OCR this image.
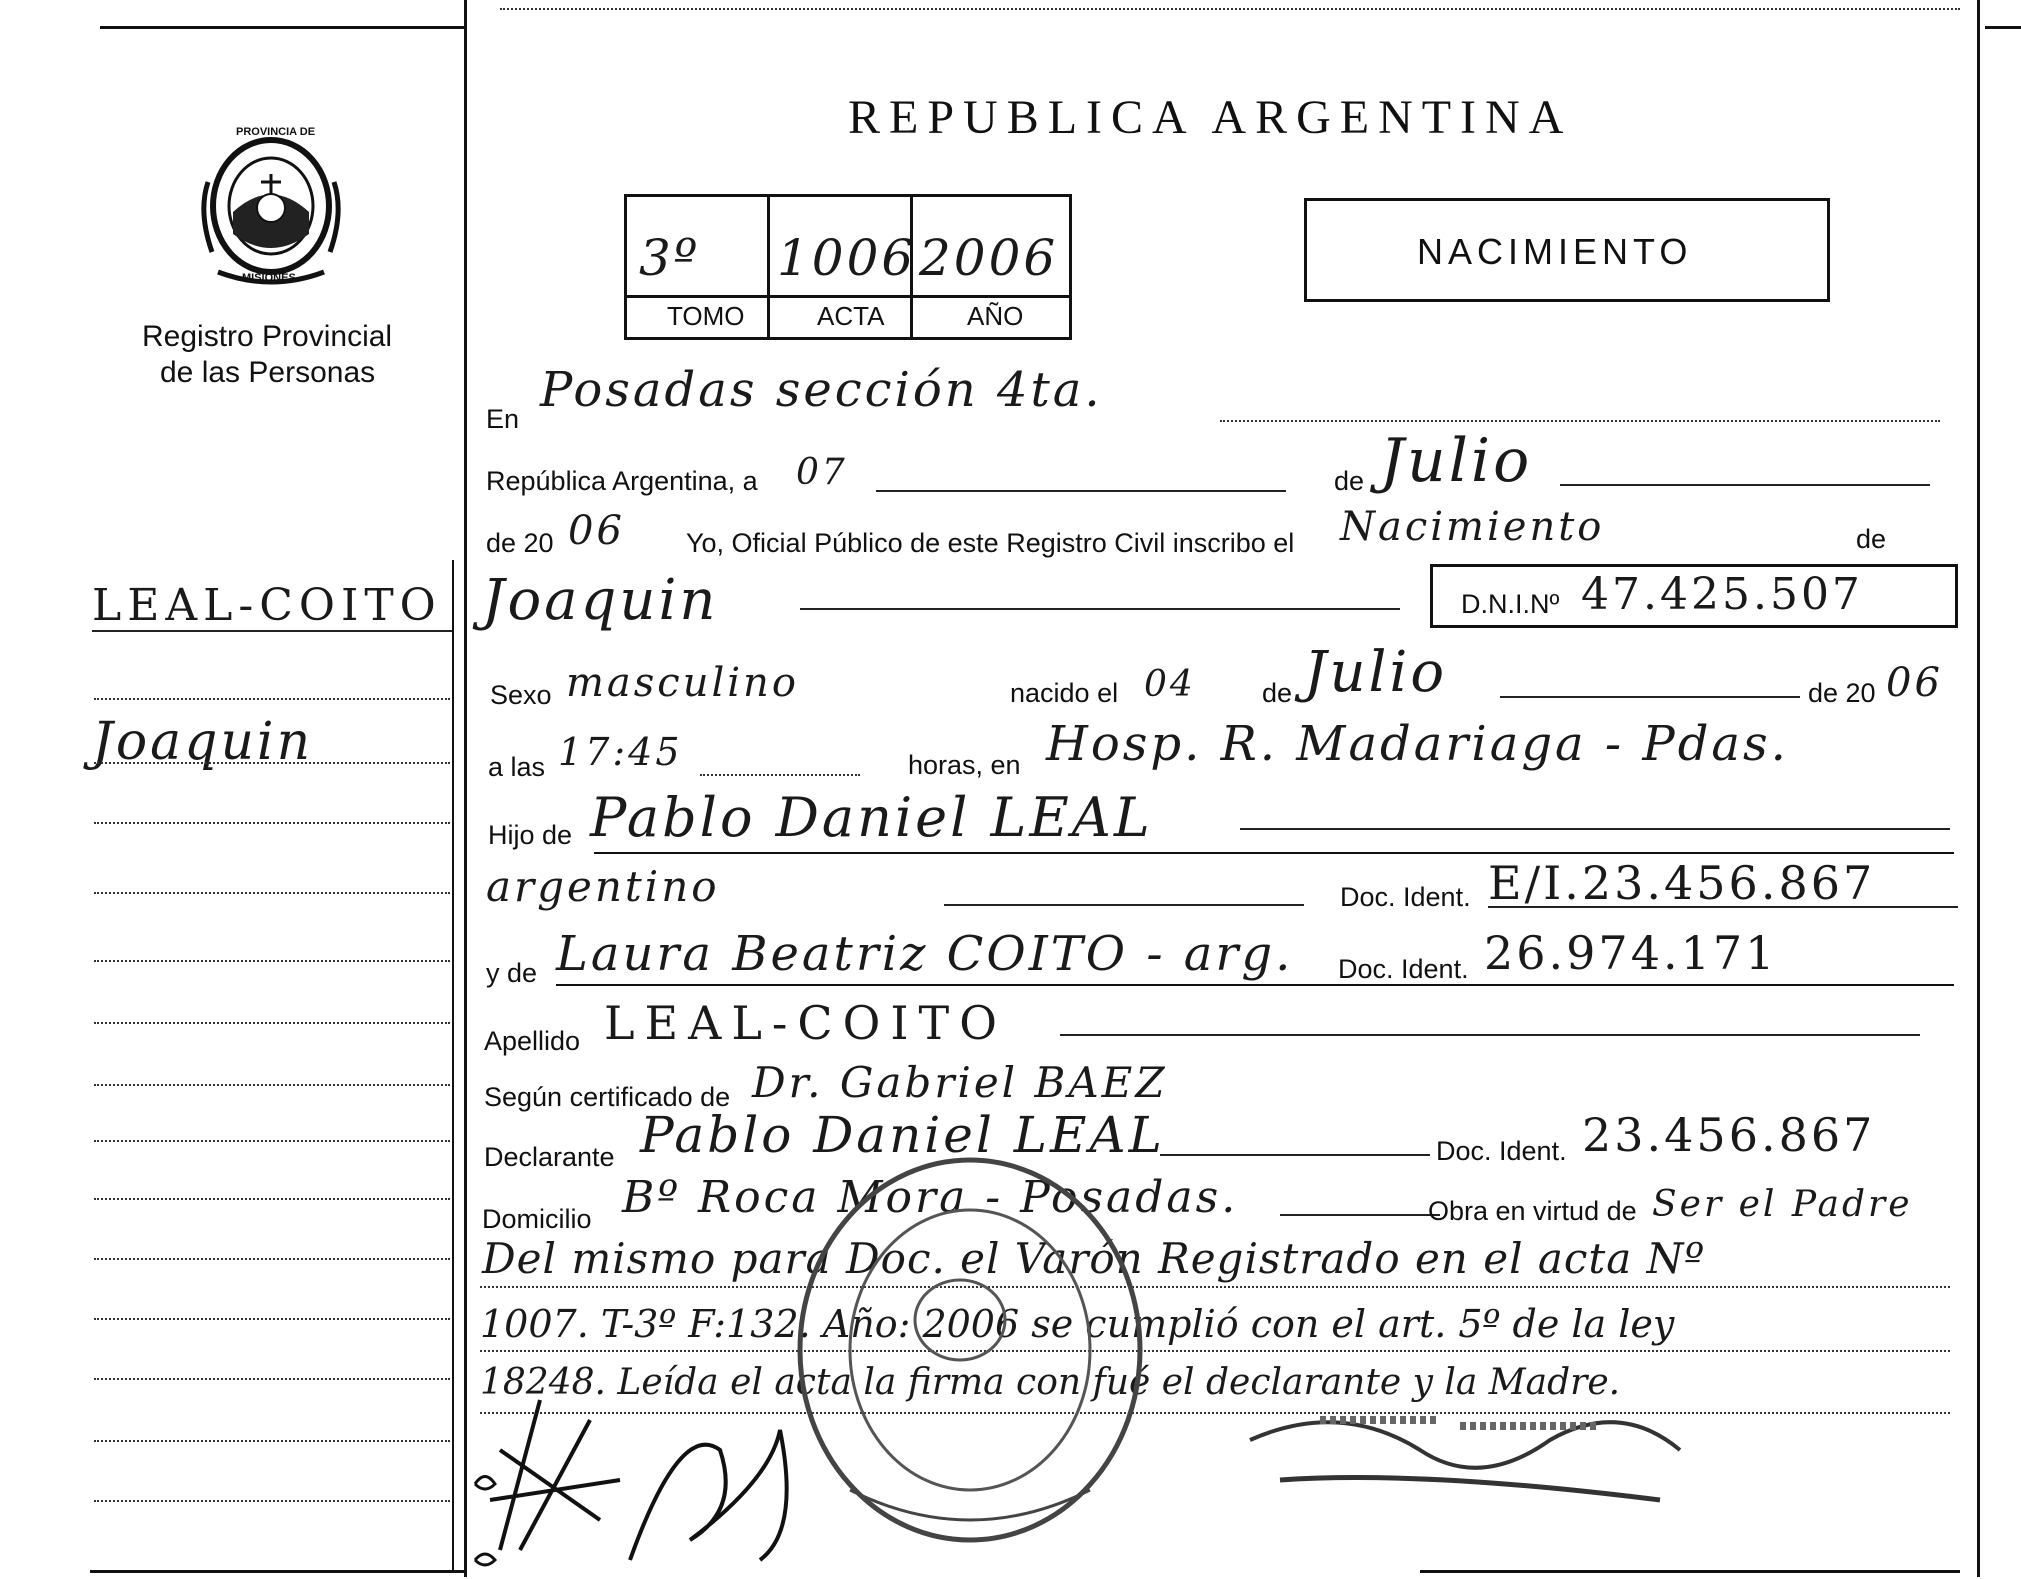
PROVINCIA DE
MISIONES
Registro Provincial
de las Personas
LEAL-COITO
Joaquin
REPUBLICA ARGENTINA
3º 1006 2006
TOMO	ACTA	AÑO
NACIMIENTO
En
Posadas sección 4ta.
República Argentina, a 07	de Julio
de 20 06 Yo, Oficial Público de este Registro Civil inscribo el Nacimiento	de
Joaquin	D.N.I.Nº 47.425.507
Sexo masculino	nacido el 04 de Julio	de 20 06
a las 17:45	horas, en Hosp. R. Madariaga - Pdas.
Hijo de Pablo Daniel LEAL
argentino	Doc. Ident. E/I.23.456.867
y de Laura Beatriz COITO - arg. Doc. Ident. 26.974.171
Apellido LEAL-COITO
Según certificado de Dr. Gabriel BAEZ
Declarante Pablo Daniel LEAL	Doc. Ident. 23.456.867
Domicilio Bº Roca Mora - Posadas.	Obra en virtud de Ser el Padre
Del mismo para Doc. el Varón Registrado en el acta Nº
1007. T-3º F:132. Año: 2006 se cumplió con el art. 5º de la ley
18248. Leída el acta la firma con fué el declarante y la Madre.
